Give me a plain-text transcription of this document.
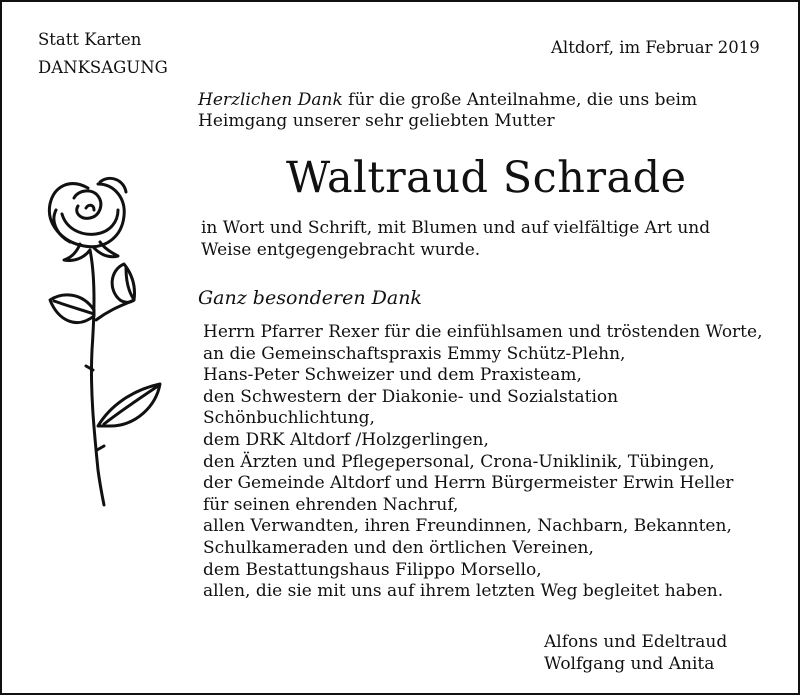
Statt Karten
DANKSAGUNG
Altdorf, im Februar 2019
Herzlichen Dank für die große Anteilnahme, die uns beim
Heimgang unserer sehr geliebten Mutter
Waltraud Schrade
in Wort und Schrift, mit Blumen und auf vielfältige Art und
Weise entgegengebracht wurde.
Ganz besonderen Dank
Herrn Pfarrer Rexer für die einfühlsamen und tröstenden Worte,
an die Gemeinschaftspraxis Emmy Schütz-Plehn,
Hans-Peter Schweizer und dem Praxisteam,
den Schwestern der Diakonie- und Sozialstation
Schönbuchlichtung,
dem DRK Altdorf /Holzgerlingen,
den Ärzten und Pflegepersonal, Crona-Uniklinik, Tübingen,
der Gemeinde Altdorf und Herrn Bürgermeister Erwin Heller
für seinen ehrenden Nachruf,
allen Verwandten, ihren Freundinnen, Nachbarn, Bekannten,
Schulkameraden und den örtlichen Vereinen,
dem Bestattungshaus Filippo Morsello,
allen, die sie mit uns auf ihrem letzten Weg begleitet haben.
Alfons und Edeltraud
Wolfgang und Anita
